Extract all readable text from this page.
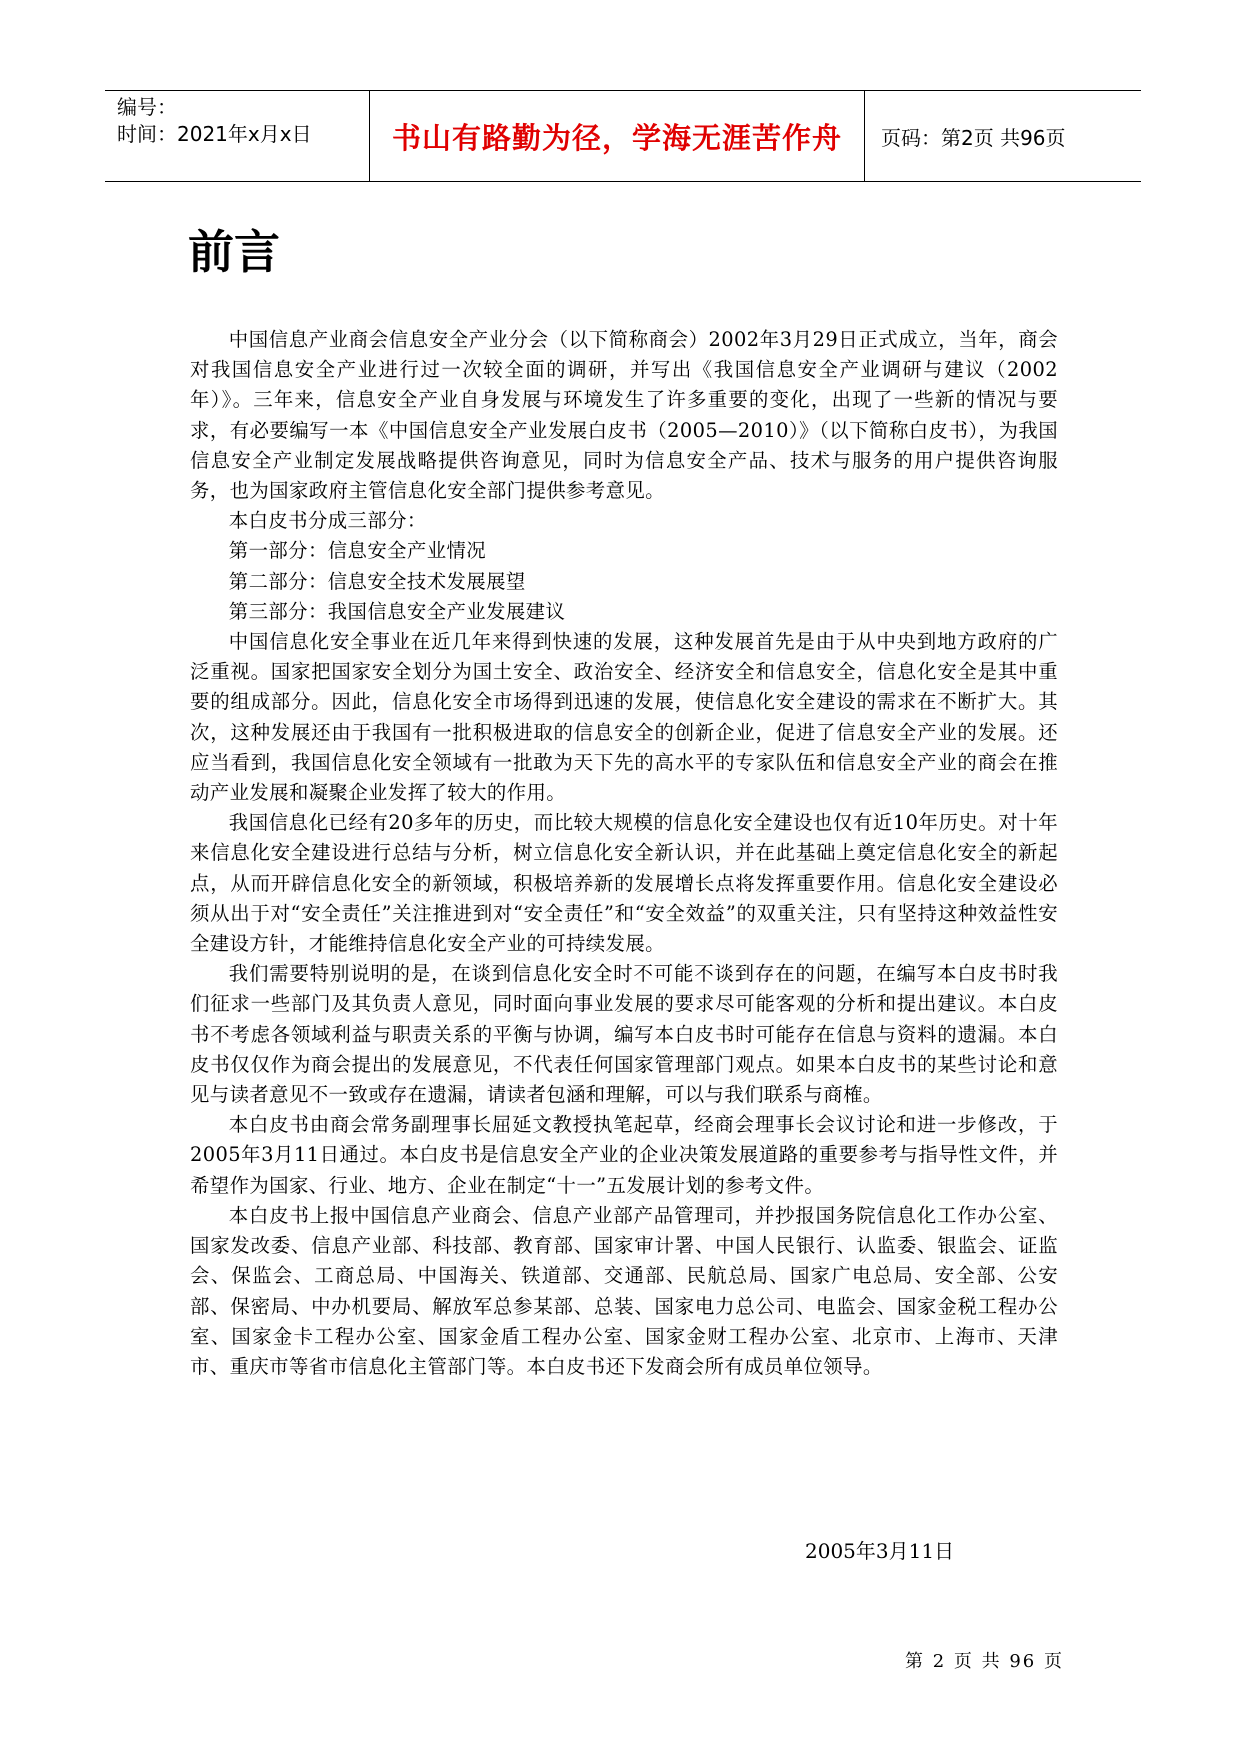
编号：
时间：2021年x月x日	书山有路勤为径，学海无涯苦作舟 页码：第2页 共96页
前言

中国信息产业商会信息安全产业分会（以下简称商会）2002年3月29日正式成立，当年，商会对我国信息安全产业进行过一次较全面的调研，并写出《我国信息安全产业调研与建议（2002年）》。三年来，信息安全产业自身发展与环境发生了许多重要的变化，出现了一些新的情况与要求，有必要编写一本《中国信息安全产业发展白皮书（2005—2010）》（以下简称白皮书），为我国信息安全产业制定发展战略提供咨询意见，同时为信息安全产品、技术与服务的用户提供咨询服务，也为国家政府主管信息化安全部门提供参考意见。

本白皮书分成三部分：

第一部分：信息安全产业情况

第二部分：信息安全技术发展展望

第三部分：我国信息安全产业发展建议

中国信息化安全事业在近几年来得到快速的发展，这种发展首先是由于从中央到地方政府的广泛重视。国家把国家安全划分为国土安全、政治安全、经济安全和信息安全，信息化安全是其中重要的组成部分。因此，信息化安全市场得到迅速的发展，使信息化安全建设的需求在不断扩大。其次，这种发展还由于我国有一批积极进取的信息安全的创新企业，促进了信息安全产业的发展。还应当看到，我国信息化安全领域有一批敢为天下先的高水平的专家队伍和信息安全产业的商会在推动产业发展和凝聚企业发挥了较大的作用。

我国信息化已经有20多年的历史，而比较大规模的信息化安全建设也仅有近10年历史。对十年来信息化安全建设进行总结与分析，树立信息化安全新认识，并在此基础上奠定信息化安全的新起点，从而开辟信息化安全的新领域，积极培养新的发展增长点将发挥重要作用。信息化安全建设必须从出于对“安全责任”关注推进到对“安全责任”和“安全效益”的双重关注，只有坚持这种效益性安全建设方针，才能维持信息化安全产业的可持续发展。

我们需要特别说明的是，在谈到信息化安全时不可能不谈到存在的问题，在编写本白皮书时我们征求一些部门及其负责人意见，同时面向事业发展的要求尽可能客观的分析和提出建议。本白皮书不考虑各领域利益与职责关系的平衡与协调，编写本白皮书时可能存在信息与资料的遗漏。本白皮书仅仅作为商会提出的发展意见，不代表任何国家管理部门观点。如果本白皮书的某些讨论和意见与读者意见不一致或存在遗漏，请读者包涵和理解，可以与我们联系与商榷。

本白皮书由商会常务副理事长屈延文教授执笔起草，经商会理事长会议讨论和进一步修改，于2005年3月11日通过。本白皮书是信息安全产业的企业决策发展道路的重要参考与指导性文件，并希望作为国家、行业、地方、企业在制定“十一”五发展计划的参考文件。

本白皮书上报中国信息产业商会、信息产业部产品管理司，并抄报国务院信息化工作办公室、国家发改委、信息产业部、科技部、教育部、国家审计署、中国人民银行、认监委、银监会、证监会、保监会、工商总局、中国海关、铁道部、交通部、民航总局、国家广电总局、安全部、公安部、保密局、中办机要局、解放军总参某部、总装、国家电力总公司、电监会、国家金税工程办公室、国家金卡工程办公室、国家金盾工程办公室、国家金财工程办公室、北京市、上海市、天津市、重庆市等省市信息化主管部门等。本白皮书还下发商会所有成员单位领导。

2005年3月11日
第 2 页 共 96 页
